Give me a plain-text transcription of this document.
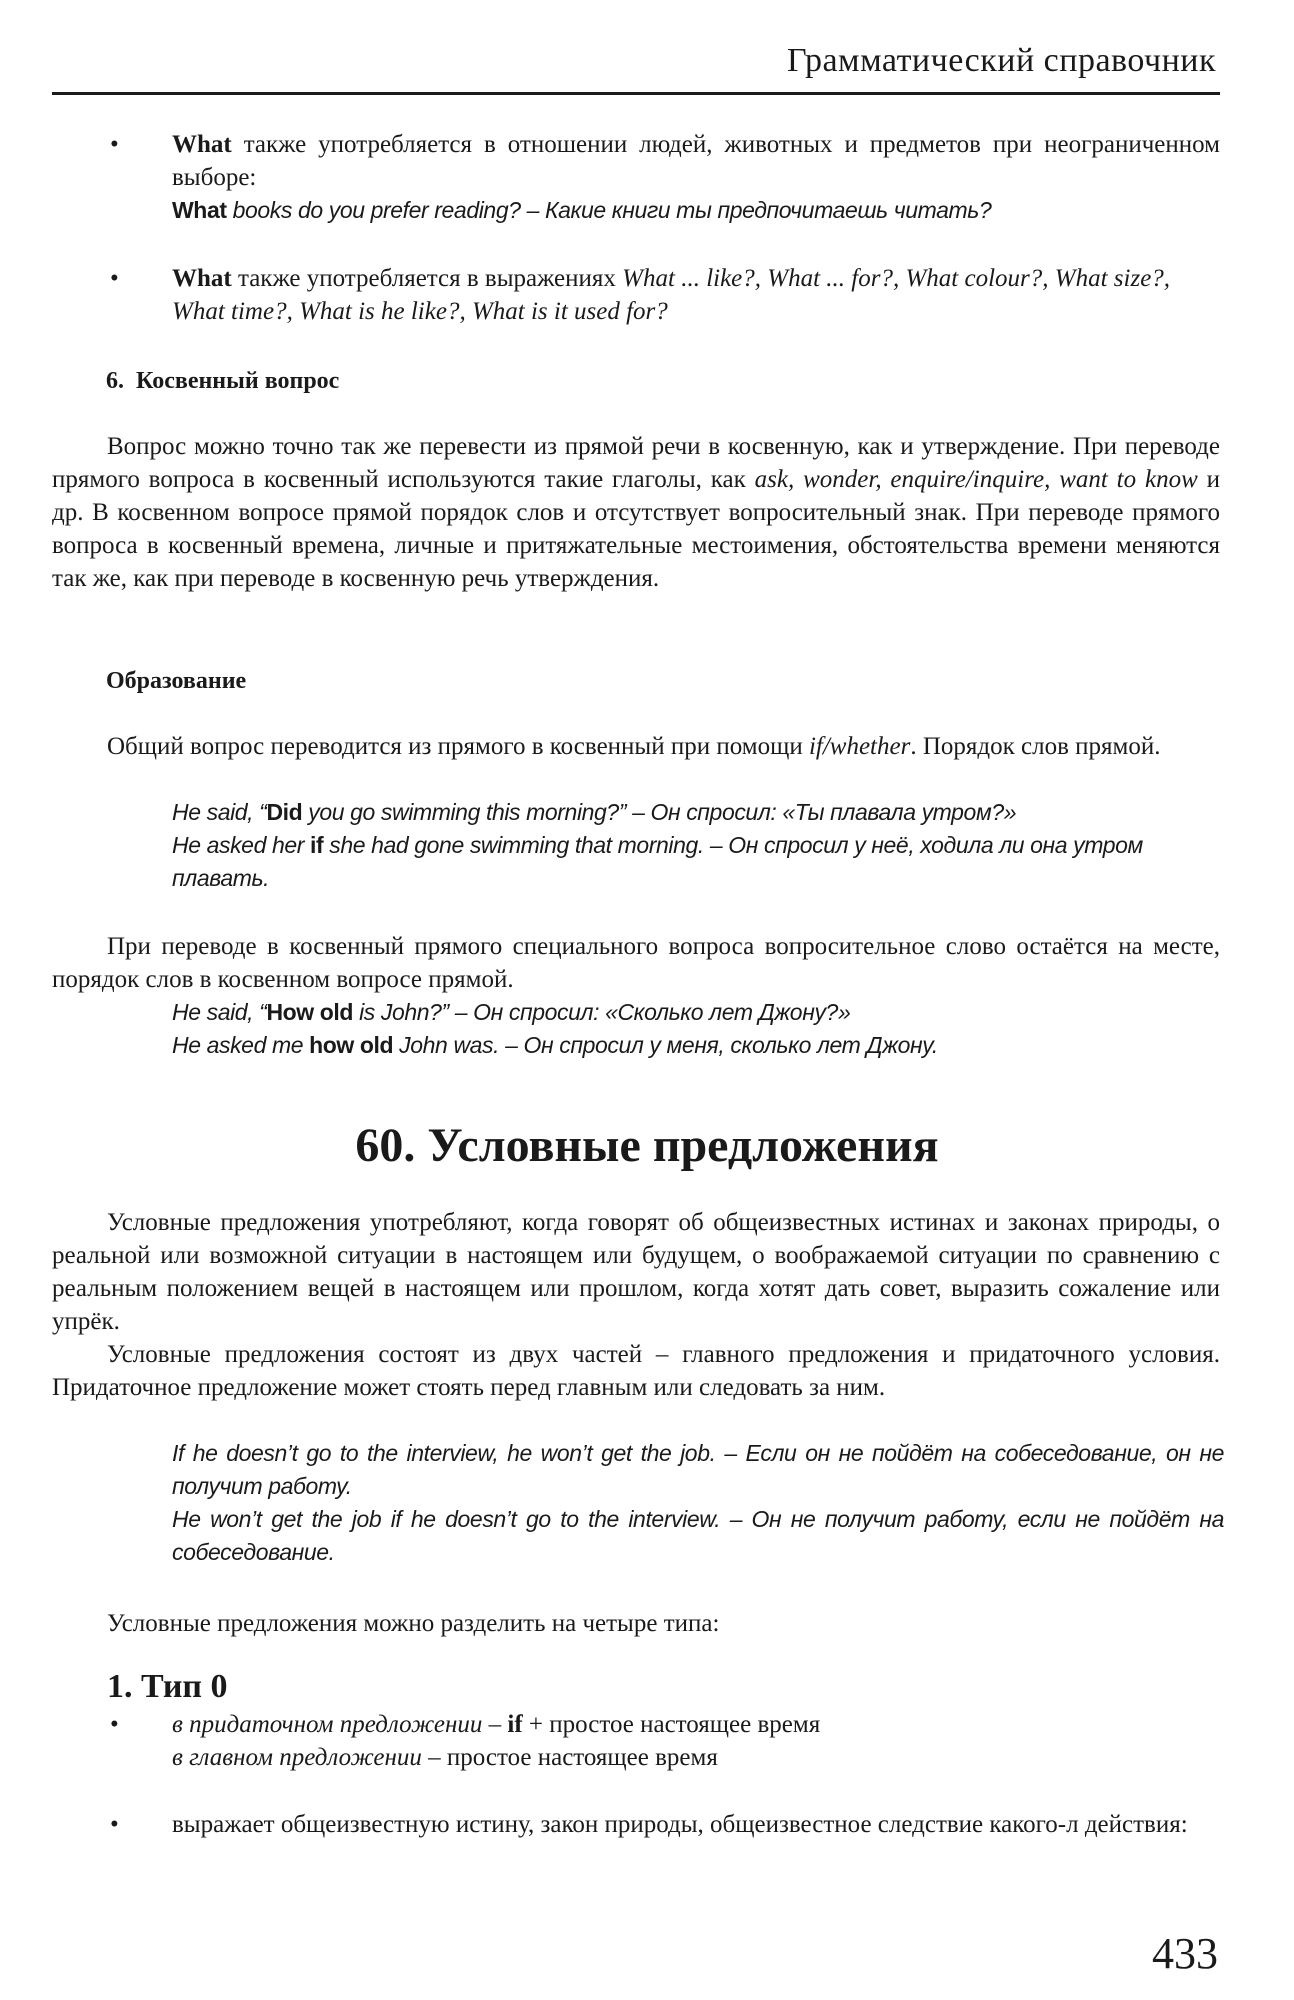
Грамматический справочник
• What также употребляется в отношении людей, животных и предметов при неограниченном выборе:

What books do you prefer reading? – Какие книги ты предпочитаешь читать?

• What также употребляется в выражениях What ... like?, What ... for?, What colour?, What size?, What time?, What is he like?, What is it used for?

6.  Косвенный вопрос

Вопрос можно точно так же перевести из прямой речи в косвенную, как и утверждение. При переводе прямого вопроса в косвенный используются такие глаголы, как ask, wonder, enquire/inquire, want to know и др. В косвенном вопросе прямой порядок слов и отсутствует вопросительный знак. При переводе прямого вопроса в косвенный времена, личные и притяжательные местоимения, обстоятельства времени меняются так же, как при переводе в косвенную речь утверждения.

Образование

Общий вопрос переводится из прямого в косвенный при помощи if/whether. Порядок слов прямой.

He said, “Did you go swimming this morning?” – Он спросил: «Ты плавала утром?»

He asked her if she had gone swimming that morning. – Он спросил у неё, ходила ли она утром плавать.

При переводе в косвенный прямого специального вопроса вопросительное слово остаётся на месте, порядок слов в косвенном вопросе прямой.

He said, “How old is John?” – Он спросил: «Сколько лет Джону?»

He asked me how old John was. – Он спросил у меня, сколько лет Джону.

60. Условные предложения

Условные предложения употребляют, когда говорят об общеизвестных истинах и законах природы, о реальной или возможной ситуации в настоящем или будущем, о воображаемой ситуации по сравнению с реальным положением вещей в настоящем или прошлом, когда хотят дать совет, выразить сожаление или упрёк.

Условные предложения состоят из двух частей – главного предложения и придаточного условия. Придаточное предложение может стоять перед главным или следовать за ним.

If he doesn’t go to the interview, he won’t get the job. – Если он не пойдёт на собеседование, он не получит работу.

He won’t get the job if he doesn’t go to the interview. – Он не получит работу, если не пойдёт на собеседование.

Условные предложения можно разделить на четыре типа:
1. Тип 0
• в придаточном предложении – if + простое настоящее время

в главном предложении – простое настоящее время

• выражает общеизвестную истину, закон природы, общеизвестное следствие какого-л действия:

433
